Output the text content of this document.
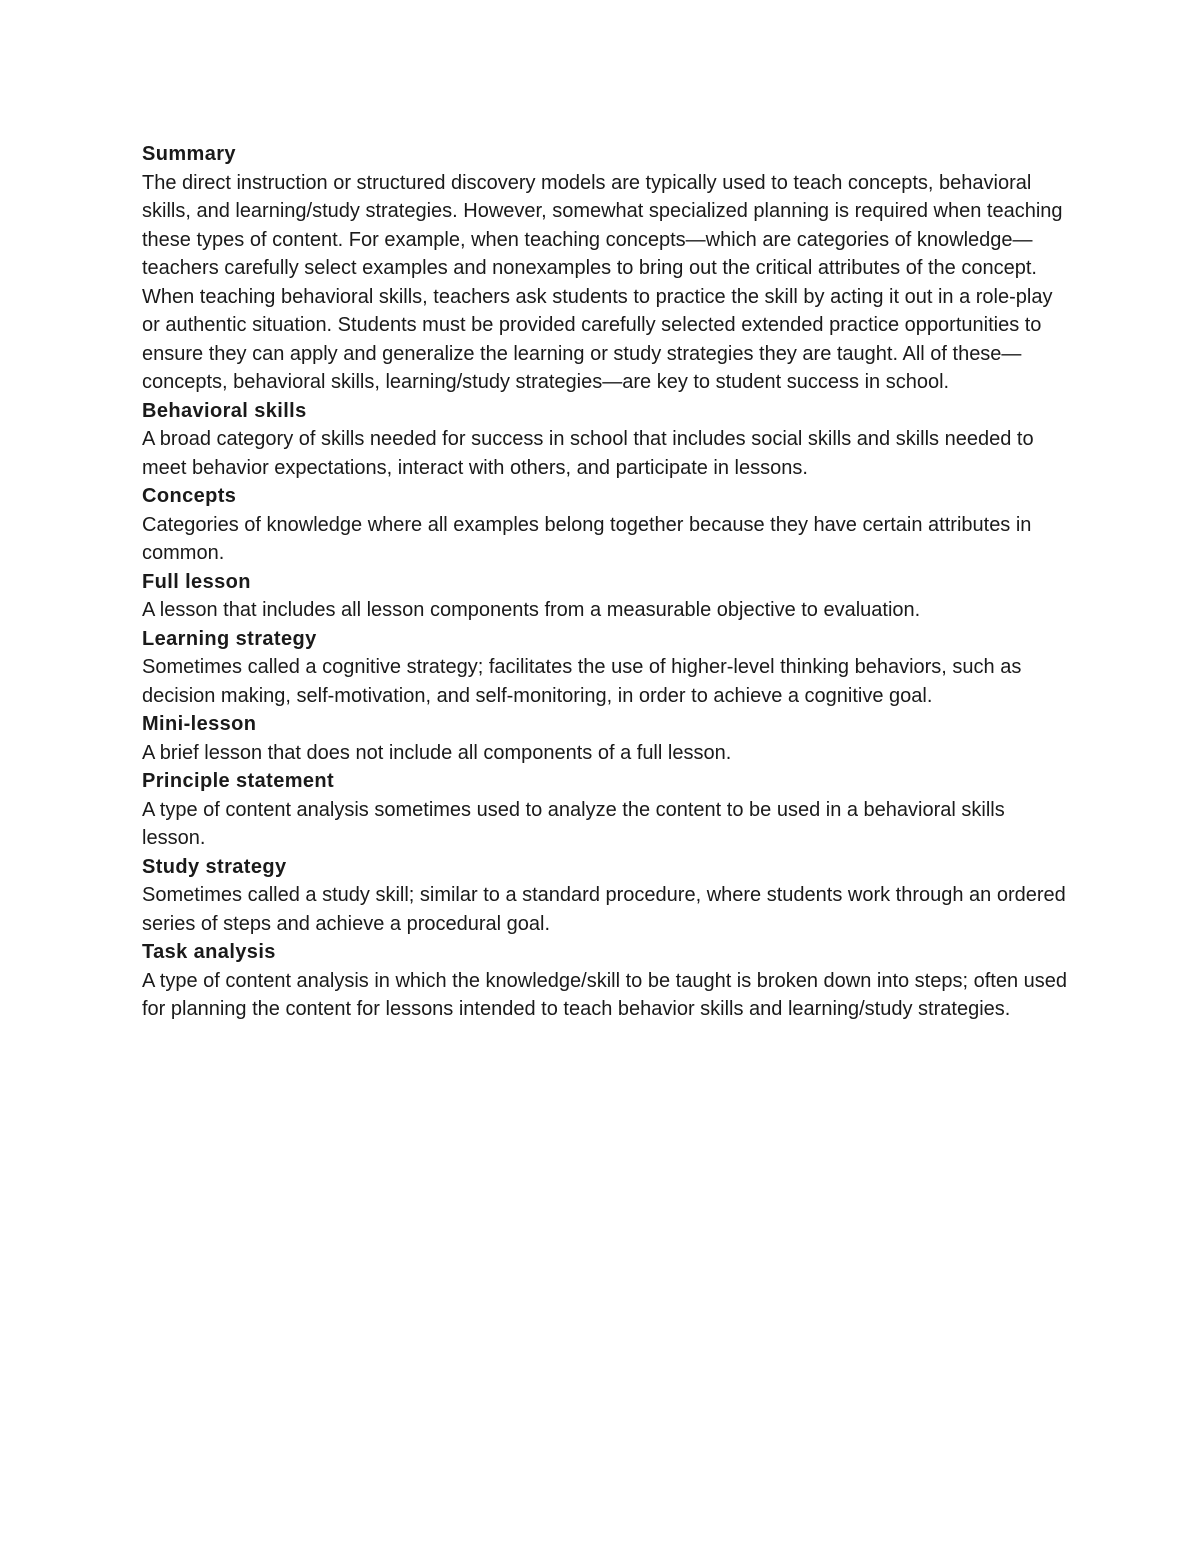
Summary

The direct instruction or structured discovery models are typically used to teach concepts, behavioral skills, and learning/study strategies. However, somewhat specialized planning is required when teaching these types of content. For example, when teaching concepts—which are categories of knowledge—teachers carefully select examples and nonexamples to bring out the critical attributes of the concept. When teaching behavioral skills, teachers ask students to practice the skill by acting it out in a role-play or authentic situation. Students must be provided carefully selected extended practice opportunities to ensure they can apply and generalize the learning or study strategies they are taught. All of these—concepts, behavioral skills, learning/study strategies—are key to student success in school.

Behavioral skills

A broad category of skills needed for success in school that includes social skills and skills needed to meet behavior expectations, interact with others, and participate in lessons.

Concepts

Categories of knowledge where all examples belong together because they have certain attributes in common.

Full lesson

A lesson that includes all lesson components from a measurable objective to evaluation.

Learning strategy

Sometimes called a cognitive strategy; facilitates the use of higher-level thinking behaviors, such as decision making, self-motivation, and self-monitoring, in order to achieve a cognitive goal.

Mini-lesson

A brief lesson that does not include all components of a full lesson.

Principle statement

A type of content analysis sometimes used to analyze the content to be used in a behavioral skills lesson.

Study strategy

Sometimes called a study skill; similar to a standard procedure, where students work through an ordered series of steps and achieve a procedural goal.

Task analysis

A type of content analysis in which the knowledge/skill to be taught is broken down into steps; often used for planning the content for lessons intended to teach behavior skills and learning/study strategies.
